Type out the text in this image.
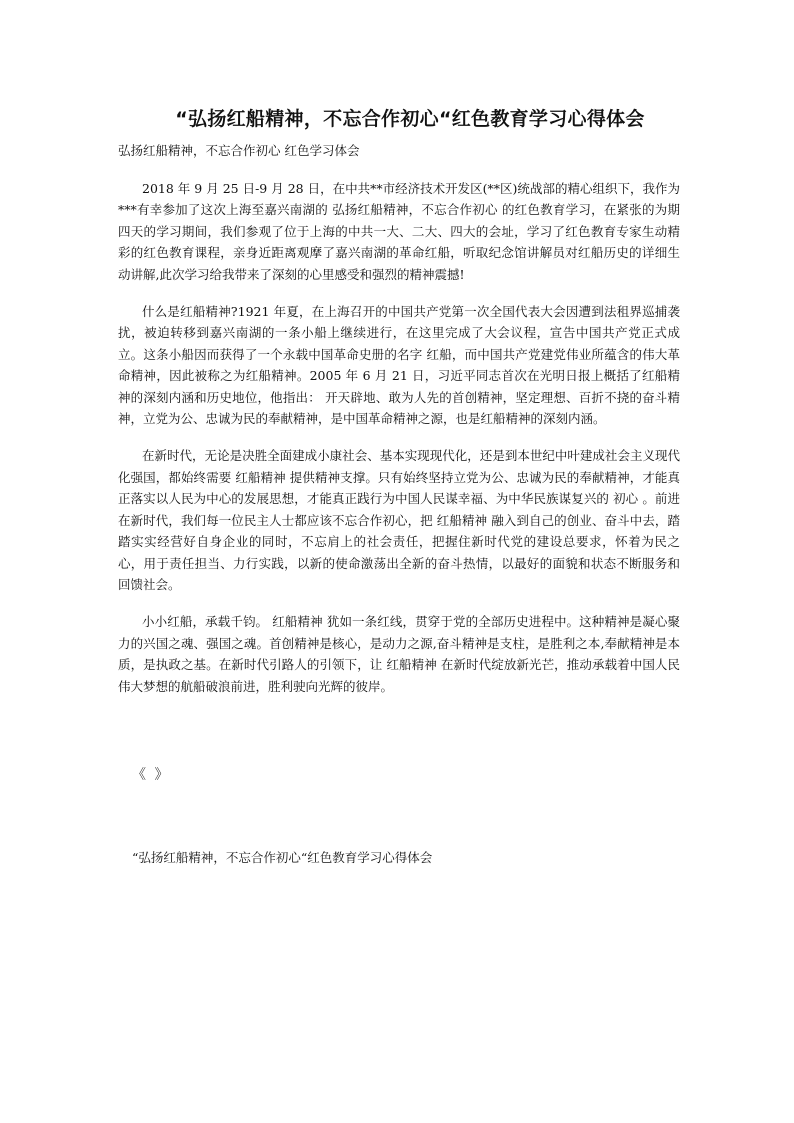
“弘扬红船精神，不忘合作初心“红色教育学习心得体会
弘扬红船精神，不忘合作初心 红色学习体会

2018 年 9 月 25 日-9 月 28 日，在中共**市经济技术开发区(**区)统战部的精心组织下，我作为***有幸参加了这次上海至嘉兴南湖的 弘扬红船精神，不忘合作初心 的红色教育学习，在紧张的为期四天的学习期间，我们参观了位于上海的中共一大、二大、四大的会址，学习了红色教育专家生动精彩的红色教育课程，亲身近距离观摩了嘉兴南湖的革命红船，听取纪念馆讲解员对红船历史的详细生动讲解,此次学习给我带来了深刻的心里感受和强烈的精神震撼!

什么是红船精神?1921 年夏，在上海召开的中国共产党第一次全国代表大会因遭到法租界巡捕袭扰，被迫转移到嘉兴南湖的一条小船上继续进行，在这里完成了大会议程，宣告中国共产党正式成立。这条小船因而获得了一个永载中国革命史册的名字 红船，而中国共产党建党伟业所蕴含的伟大革命精神，因此被称之为红船精神。2005 年 6 月 21 日，习近平同志首次在光明日报上概括了红船精神的深刻内涵和历史地位，他指出： 开天辟地、敢为人先的首创精神，坚定理想、百折不挠的奋斗精神，立党为公、忠诚为民的奉献精神，是中国革命精神之源，也是红船精神的深刻内涵。

在新时代，无论是决胜全面建成小康社会、基本实现现代化，还是到本世纪中叶建成社会主义现代化强国，都始终需要 红船精神 提供精神支撑。只有始终坚持立党为公、忠诚为民的奉献精神，才能真正落实以人民为中心的发展思想，才能真正践行为中国人民谋幸福、为中华民族谋复兴的 初心 。前进在新时代，我们每一位民主人士都应该不忘合作初心，把 红船精神 融入到自己的创业、奋斗中去，踏踏实实经营好自身企业的同时，不忘肩上的社会责任，把握住新时代党的建设总要求，怀着为民之心，用于责任担当、力行实践，以新的使命激荡出全新的奋斗热情，以最好的面貌和状态不断服务和回馈社会。

小小红船，承载千钧。 红船精神 犹如一条红线，贯穿于党的全部历史进程中。这种精神是凝心聚力的兴国之魂、强国之魂。首创精神是核心，是动力之源,奋斗精神是支柱，是胜利之本,奉献精神是本质，是执政之基。在新时代引路人的引领下，让 红船精神 在新时代绽放新光芒，推动承载着中国人民伟大梦想的航船破浪前进，胜利驶向光辉的彼岸。

《 》
“弘扬红船精神，不忘合作初心“红色教育学习心得体会
